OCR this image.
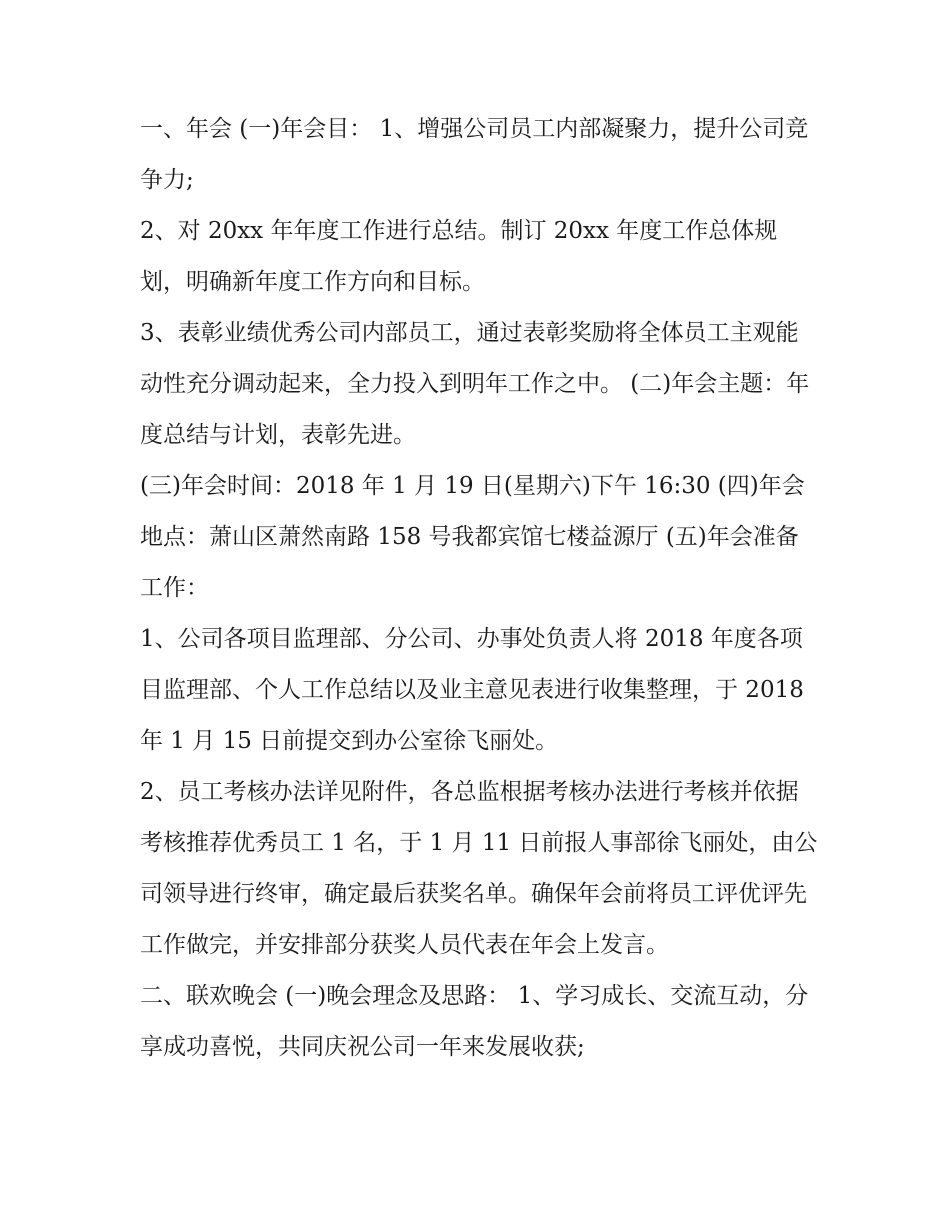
一、年会 (一)年会目： 1、增强公司员工内部凝聚力，提升公司竞争力;

2、对 20xx 年年度工作进行总结。制订 20xx 年度工作总体规划，明确新年度工作方向和目标。

3、表彰业绩优秀公司内部员工，通过表彰奖励将全体员工主观能动性充分调动起来，全力投入到明年工作之中。 (二)年会主题：年度总结与计划，表彰先进。

(三)年会时间：2018 年 1 月 19 日(星期六)下午 16:30 (四)年会地点：萧山区萧然南路 158 号我都宾馆七楼益源厅 (五)年会准备工作：

1、公司各项目监理部、分公司、办事处负责人将 2018 年度各项目监理部、个人工作总结以及业主意见表进行收集整理，于 2018 年 1 月 15 日前提交到办公室徐飞丽处。

2、员工考核办法详见附件，各总监根据考核办法进行考核并依据考核推荐优秀员工 1 名，于 1 月 11 日前报人事部徐飞丽处，由公司领导进行终审，确定最后获奖名单。确保年会前将员工评优评先工作做完，并安排部分获奖人员代表在年会上发言。

二、联欢晚会 (一)晚会理念及思路： 1、学习成长、交流互动，分享成功喜悦，共同庆祝公司一年来发展收获;
